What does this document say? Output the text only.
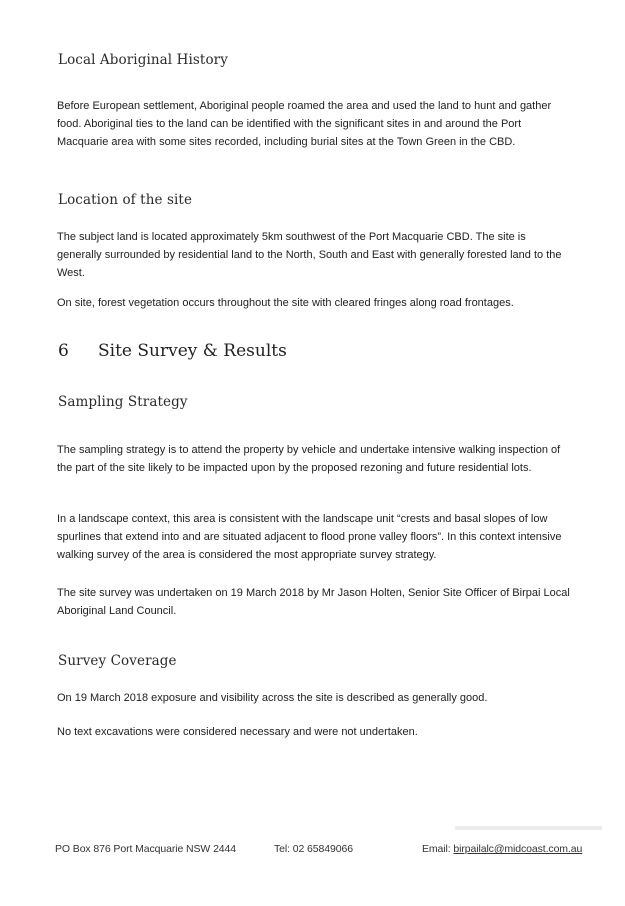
Local Aboriginal History

Before European settlement, Aboriginal people roamed the area and used the land to hunt and gather food. Aboriginal ties to the land can be identified with the significant sites in and around the Port Macquarie area with some sites recorded, including burial sites at the Town Green in the CBD.

Location of the site

The subject land is located approximately 5km southwest of the Port Macquarie CBD. The site is generally surrounded by residential land to the North, South and East with generally forested land to the West.

On site, forest vegetation occurs throughout the site with cleared fringes along road frontages.

6 Site Survey & Results
Sampling Strategy

The sampling strategy is to attend the property by vehicle and undertake intensive walking inspection of the part of the site likely to be impacted upon by the proposed rezoning and future residential lots.

In a landscape context, this area is consistent with the landscape unit “crests and basal slopes of low spurlines that extend into and are situated adjacent to flood prone valley floors”. In this context intensive walking survey of the area is considered the most appropriate survey strategy.

The site survey was undertaken on 19 March 2018 by Mr Jason Holten, Senior Site Officer of Birpai Local Aboriginal Land Council.

Survey Coverage

On 19 March 2018 exposure and visibility across the site is described as generally good.

No text excavations were considered necessary and were not undertaken.

PO Box 876 Port Macquarie NSW 2444	Tel: 02 65849066	Email: birpailalc@midcoast.com.au
